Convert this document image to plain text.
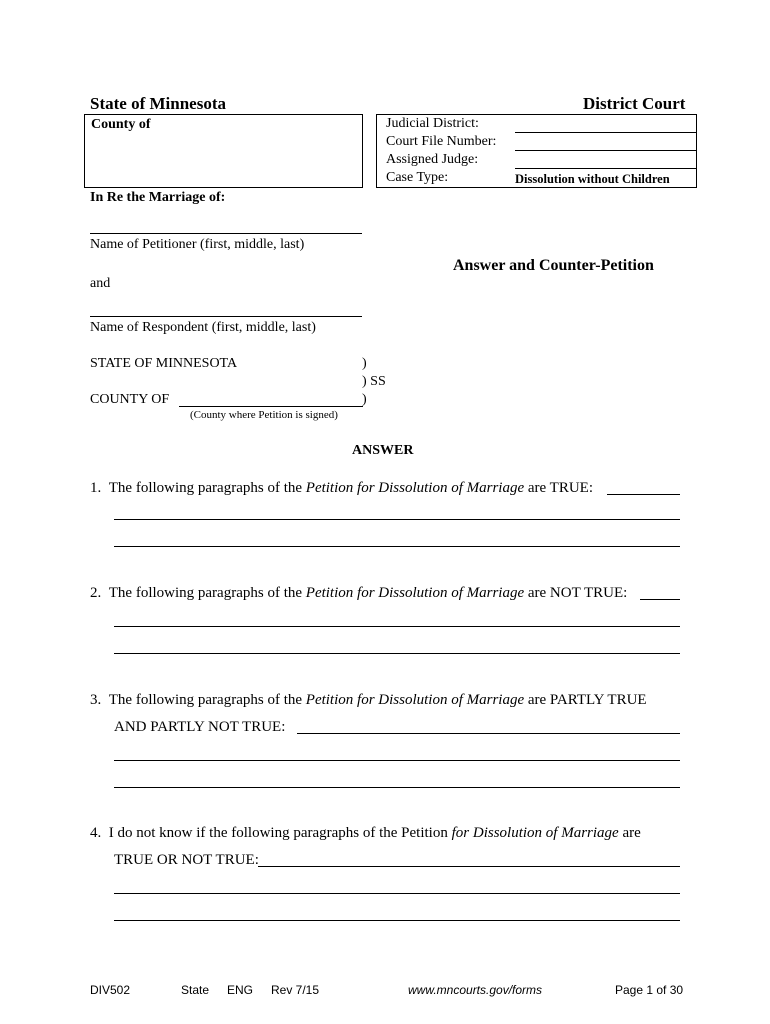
State of Minnesota	District Court
County of	Judicial District:
Court File Number:
Assigned Judge:
Case Type:	Dissolution without Children
In Re the Marriage of:
Name of Petitioner (first, middle, last)
Answer and Counter-Petition
and
Name of Respondent (first, middle, last)
STATE OF MINNESOTA	)
) SS
COUNTY OF	)
(County where Petition is signed)
ANSWER
1. The following paragraphs of the Petition for Dissolution of Marriage are TRUE:
2. The following paragraphs of the Petition for Dissolution of Marriage are NOT TRUE:
3. The following paragraphs of the Petition for Dissolution of Marriage are PARTLY TRUE
AND PARTLY NOT TRUE:
4. I do not know if the following paragraphs of the Petition for Dissolution of Marriage are
TRUE OR NOT TRUE:
DIV502	State ENG Rev 7/15	www.mncourts.gov/forms	Page 1 of 30
